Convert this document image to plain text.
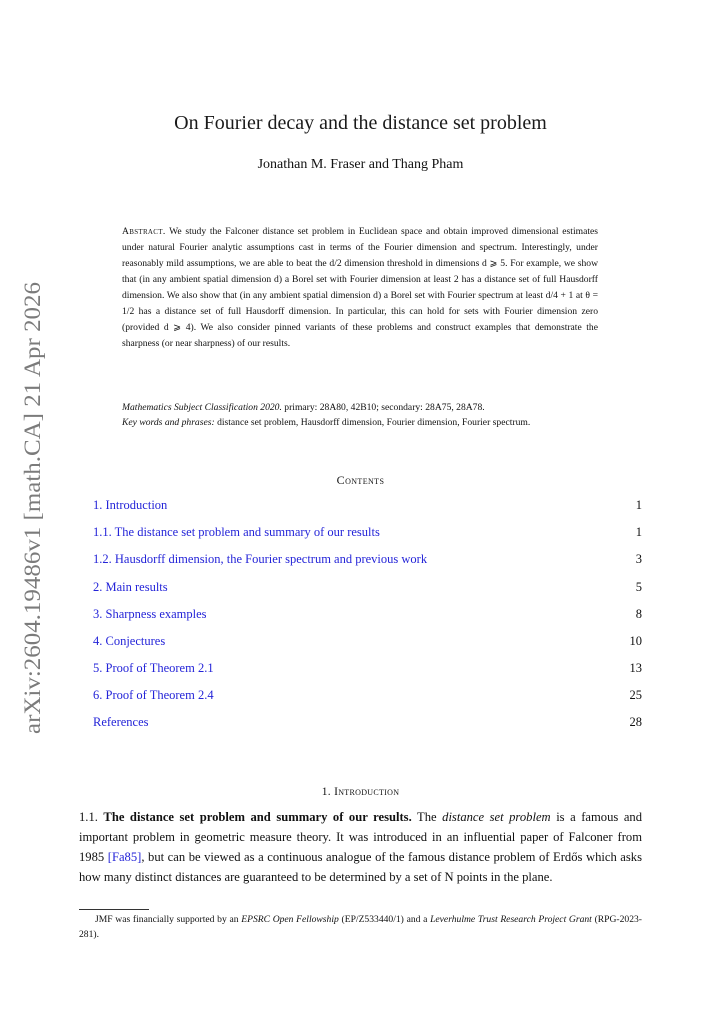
arXiv:2604.19486v1 [math.CA] 21 Apr 2026
On Fourier decay and the distance set problem
Jonathan M. Fraser and Thang Pham
Abstract. We study the Falconer distance set problem in Euclidean space and obtain improved dimensional estimates under natural Fourier analytic assumptions cast in terms of the Fourier dimension and spectrum. Interestingly, under reasonably mild assumptions, we are able to beat the d/2 dimension threshold in dimensions d ⩾ 5. For example, we show that (in any ambient spatial dimension d) a Borel set with Fourier dimension at least 2 has a distance set of full Hausdorff dimension. We also show that (in any ambient spatial dimension d) a Borel set with Fourier spectrum at least d/4 + 1 at θ = 1/2 has a distance set of full Hausdorff dimension. In particular, this can hold for sets with Fourier dimension zero (provided d ⩾ 4). We also consider pinned variants of these problems and construct examples that demonstrate the sharpness (or near sharpness) of our results.
Mathematics Subject Classification 2020. primary: 28A80, 42B10; secondary: 28A75, 28A78.
Key words and phrases: distance set problem, Hausdorff dimension, Fourier dimension, Fourier spectrum.
Contents
1. Introduction	1
1.1. The distance set problem and summary of our results	1
1.2. Hausdorff dimension, the Fourier spectrum and previous work	3
2. Main results	5
3. Sharpness examples	8
4. Conjectures	10
5. Proof of Theorem 2.1	13
6. Proof of Theorem 2.4	25
References	28
1. Introduction
1.1. The distance set problem and summary of our results. The distance set problem is a famous and important problem in geometric measure theory. It was introduced in an influential paper of Falconer from 1985 [Fa85], but can be viewed as a continuous analogue of the famous distance problem of Erdős which asks how many distinct distances are guaranteed to be determined by a set of N points in the plane.
JMF was financially supported by an EPSRC Open Fellowship (EP/Z533440/1) and a Leverhulme Trust Research Project Grant (RPG-2023-281).
